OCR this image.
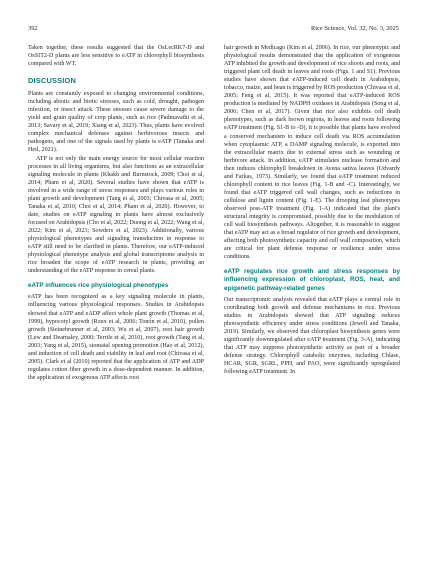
392	Rice Science, Vol. 32, No. 3, 2025

Taken together, these results suggested that the OsLecRK7-D and OsSIT2-D plants are less sensitive to eATP in chlorophyll biosynthesis compared with WT.

DISCUSSION

Plants are constantly exposed to changing environmental conditions, including abiotic and biotic stresses, such as cold, drought, pathogen infection, or insect attack. These stresses cause severe damage to the yield and grain quality of crop plants, such as rice (Padmavathi et al, 2013; Savary et al, 2019; Xiang et al, 2023). Thus, plants have evolved complex mechanical defenses against herbivorous insects and pathogens, and one of the signals used by plants is eATP (Tanaka and Heil, 2021).

ATP is not only the main energy source for most cellular reaction processes in all living organisms, but also functions as an extracellular signaling molecule in plants (Khakh and Burnstock, 2009; Choi et al, 2014; Pham et al, 2020). Several studies have shown that eATP is involved in a wide range of stress responses and plays various roles in plant growth and development (Tang et al, 2003; Chivasa et al, 2005; Tanaka et al, 2010; Choi et al, 2014; Pham et al, 2020). However, to date, studies on eATP signaling in plants have almost exclusively focused on Arabidopsis (Cho et al, 2022; Duong et al, 2022; Wang et al, 2022; Kim et al, 2023; Sowders et al, 2023). Additionally, various physiological phenotypes and signaling transduction in response to eATP still need to be clarified in plants. Therefore, our eATP-induced physiological phenotype analysis and global transcriptome analysis in rice broaden the scope of eATP research in plants, providing an understanding of the eATP response in cereal plants.

eATP influences rice physiological phenotypes

eATP has been recognized as a key signaling molecule in plants, influencing various physiological responses. Studies in Arabidopsis showed that eATP and eADP affect whole plant growth (Thomas et al, 1999), hypocotyl growth (Roux et al, 2006; Tonón et al, 2010), pollen growth (Steinebrunner et al, 2003; Wu et al, 2007), root hair growth (Lew and Dearnaley, 2000; Terrile et al, 2010), root growth (Tang et al, 2003; Yang et al, 2015), stomatal opening promotion (Hao et al, 2012), and induction of cell death and viability in leaf and root (Chivasa et al, 2005). Clark et al (2010) reported that the application of ATP and ADP regulates cotton fiber growth in a dose-dependent manner. In addition, the application of exogenous ATP affects root

hair growth in Medicago (Kim et al, 2006). In rice, our phenotypic and physiological results demonstrated that the application of exogenous ATP inhibited the growth and development of rice shoots and roots, and triggered plant cell death in leaves and roots (Figs. 1 and S1). Previous studies have shown that eATP-induced cell death in Arabidopsis, tobacco, maize, and bean is triggered by ROS production (Chivasa et al, 2005; Feng et al, 2015). It was reported that eATP-induced ROS production is mediated by NADPH oxidases in Arabidopsis (Song et al, 2006; Chen et al, 2017). Given that rice also exhibits cell death phenotypes, such as dark brown regions, in leaves and roots following eATP treatment (Fig. S1-B to -D), it is possible that plants have evolved a conserved mechanism to induce cell death via ROS accumulation when cytoplasmic ATP, a DAMP signaling molecule, is exported into the extracellular matrix due to external stress such as wounding or herbivore attack. In addition, eATP stimulates nuclease formation and then induces chlorophyll breakdown in Avena sativa leaves (Udvardy and Farkas, 1973). Similarly, we found that eATP treatment reduced chlorophyll content in rice leaves (Fig. 1-B and -C). Interestingly, we found that eATP triggered cell wall changes, such as reductions in cellulose and lignin content (Fig. 1-E). The drooping leaf phenotypes observed post-ATP treatment (Fig. 1-A) indicated that the plant's structural integrity is compromised, possibly due to the modulation of cell wall biosynthesis pathways. Altogether, it is reasonable to suggest that eATP may act as a broad regulator of rice growth and development, affecting both photosynthetic capacity and cell wall composition, which are critical for plant defense response or resilience under stress conditions.

eATP regulates rice growth and stress responses by influencing expression of chloroplast, ROS, heat, and epigenetic pathway-related genes

Our transcriptomic analysis revealed that eATP plays a central role in coordinating both growth and defense mechanisms in rice. Previous studies in Arabidopsis showed that ATP signaling reduces photosynthetic efficiency under stress conditions (Jewell and Tanaka, 2019). Similarly, we observed that chloroplast biosynthesis genes were significantly downregulated after eATP treatment (Fig. 3-A), indicating that ATP may suppress photosynthetic activity as part of a broader defense strategy. Chlorophyll catabolic enzymes, including Chlase, HCAR, SGR, SGRL, PPH, and PAO, were significantly upregulated following eATP treatment. In
